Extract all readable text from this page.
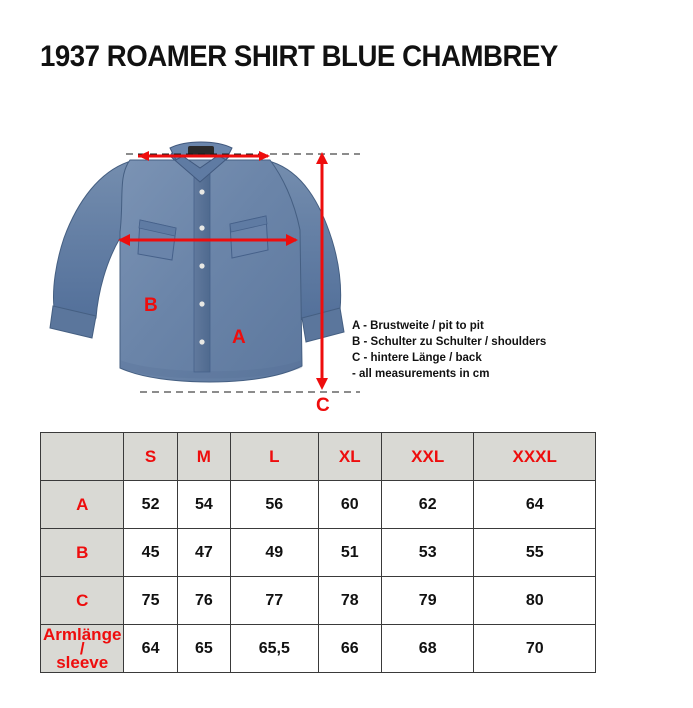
1937 ROAMER SHIRT BLUE CHAMBREY
A
B
C
A - Brustweite / pit to pit
B - Schulter zu Schulter / shoulders
C - hintere Länge / back
- all measurements in cm
	S	M	L	XL	XXL	XXXL
A	52	54	56	60	62	64
B	45	47	49	51	53	55
C	75	76	77	78	79	80
Armlänge /
sleeve	64	65	65,5	66	68	70
